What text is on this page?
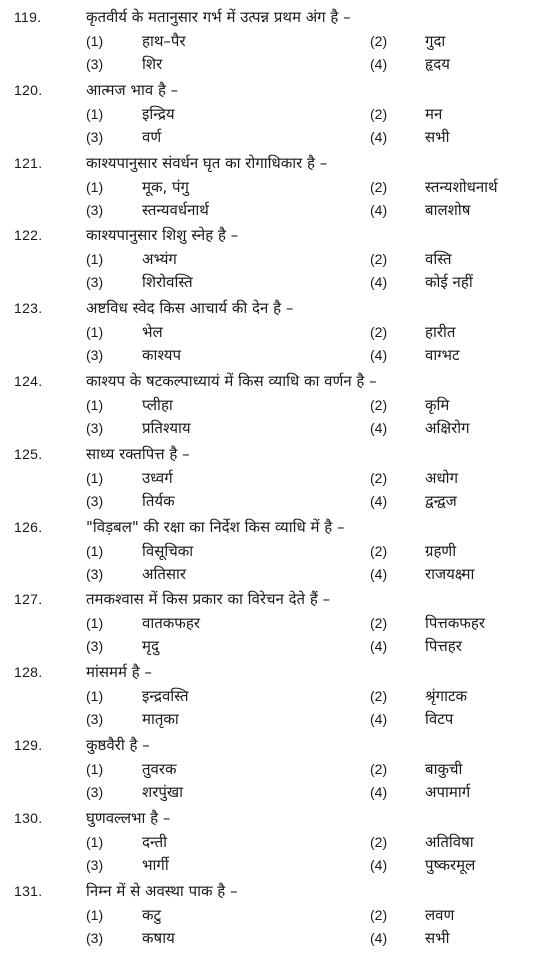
119.	कृतवीर्य के मतानुसार गर्भ में उत्पन्न प्रथम अंग है –
(1)	हाथ–पैर	(2)	गुदा
(3)	शिर	(4)	हृदय
120.	आत्मज भाव है –
(1)	इन्द्रिय	(2)	मन
(3)	वर्ण	(4)	सभी
121.	काश्यपानुसार संवर्धन घृत का रोगाधिकार है –
(1)	मूक, पंगु	(2)	स्तन्यशोधनार्थ
(3)	स्तन्यवर्धनार्थ	(4)	बालशोष
122.	काश्यपानुसार शिशु स्नेह है –
(1)	अभ्यंग	(2)	वस्ति
(3)	शिरोवस्ति	(4)	कोई नहीं
123.	अष्टविध स्वेद किस आचार्य की देन है –
(1)	भेल	(2)	हारीत
(3)	काश्यप	(4)	वाग्भट
124.	काश्यप के षटकल्पाध्यायं में किस व्याधि का वर्णन है –
(1)	प्लीहा	(2)	कृमि
(3)	प्रतिश्याय	(4)	अक्षिरोग
125.	साध्य रक्तपित्त है –
(1)	उध्वर्ग	(2)	अधोग
(3)	तिर्यक	(4)	द्वन्द्वज
126.	"विड़बल" की रक्षा का निर्देश किस व्याधि में है –
(1)	विसूचिका	(2)	ग्रहणी
(3)	अतिसार	(4)	राजयक्ष्मा
127.	तमकश्वास में किस प्रकार का विरेचन देते हैं –
(1)	वातकफहर	(2)	पित्तकफहर
(3)	मृदु	(4)	पित्तहर
128.	मांसमर्म है –
(1)	इन्द्रवस्ति	(2)	श्रृंगाटक
(3)	मातृका	(4)	विटप
129.	कुष्ठवैरी है –
(1)	तुवरक	(2)	बाकुची
(3)	शरपुंखा	(4)	अपामार्ग
130.	घुणवल्लभा है –
(1)	दन्ती	(2)	अतिविषा
(3)	भार्गी	(4)	पुष्करमूल
131.	निम्न में से अवस्था पाक है –
(1)	कटु	(2)	लवण
(3)	कषाय	(4)	सभी
